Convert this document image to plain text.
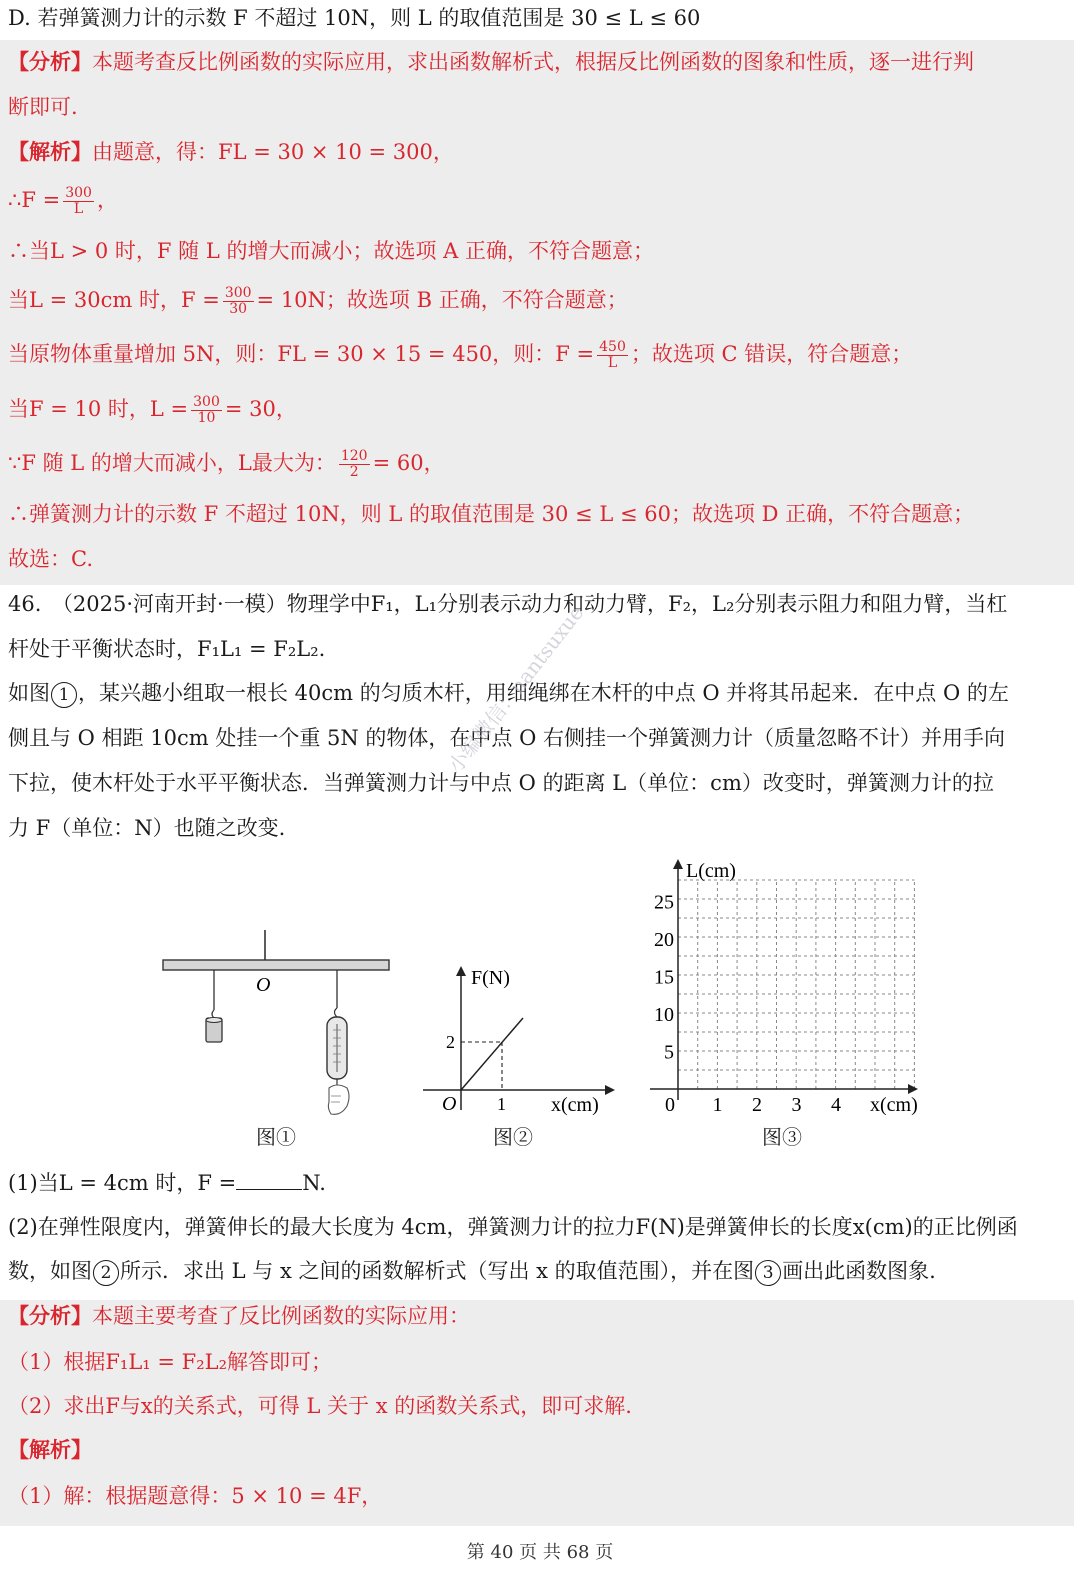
D. 若弹簧测力计的示数 F 不超过 10N，则 L 的取值范围是 30 ≤ L ≤ 60
【分析】本题考查反比例函数的实际应用，求出函数解析式，根据反比例函数的图象和性质，逐一进行判
断即可.
【解析】由题意，得：FL = 30 × 10 = 300，
∴F = $\frac{300}{L}$ ，
∴当L > 0 时，F 随 L 的增大而减小；故选项 A 正确，不符合题意；
当L = 30cm 时，$F = \frac{300}{30} = 10N$；故选项 B 正确，不符合题意；
当原物体重量增加 5N，则：FL = 30 × 15 = 450，则：$F = \frac{450}{L}$ ；故选项 C 错误，符合题意；
当F = 10 时，$L = \frac{300}{10} = 30$，
∵F 随 L 的增大而减小，L最大为： $\frac{120}{2} = 60$，
∴弹簧测力计的示数 F 不超过 10N，则 L 的取值范围是 30 ≤ L ≤ 60；故选项 D 正确，不符合题意；
故选：C.
46.　（2025·河南开封·一模）物理学中F₁，L₁分别表示动力和动力臂，F₂，L₂分别表示阻力和阻力臂，当杠
杆处于平衡状态时，F₁L₁ = F₂L₂.
如图 1 ，某兴趣小组取一根长 40cm 的匀质木杆，用细绳绑在木杆的中点 O 并将其吊起来．在中点 O 的左
侧且与 O 相距 10cm 处挂一个重 5N 的物体，在中点 O 右侧挂一个弹簧测力计（质量忽略不计）并用手向
下拉，使木杆处于水平平衡状态．当弹簧测力计与中点 O 的距离 L（单位：cm）改变时，弹簧测力计的拉
力 F（单位：N）也随之改变.
O
图①
F(N)
x(cm)
O 1
2
图②
L(cm)
x(cm)
5
10
15
20
25
0 1 2 3 4
图③
(1)当L = 4cm 时，F =	N.
(2)在弹性限度内，弹簧伸长的最大长度为 4cm，弹簧测力计的拉力F(N)是弹簧伸长的长度x(cm)的正比例函
数，如图 2 所示．求出 L 与 x 之间的函数解析式（写出 x 的取值范围），并在图 3 画出此函数图象.
【分析】本题主要考查了反比例函数的实际应用：
（1）根据F₁L₁ = F₂L₂解答即可；
（2）求出F与x的关系式，可得 L 关于 x 的函数关系式，即可求解.
【解析】
（1）解：根据题意得：5 × 10 = 4F，
小编微信：nantsuxue
第 40 页 共 68 页
